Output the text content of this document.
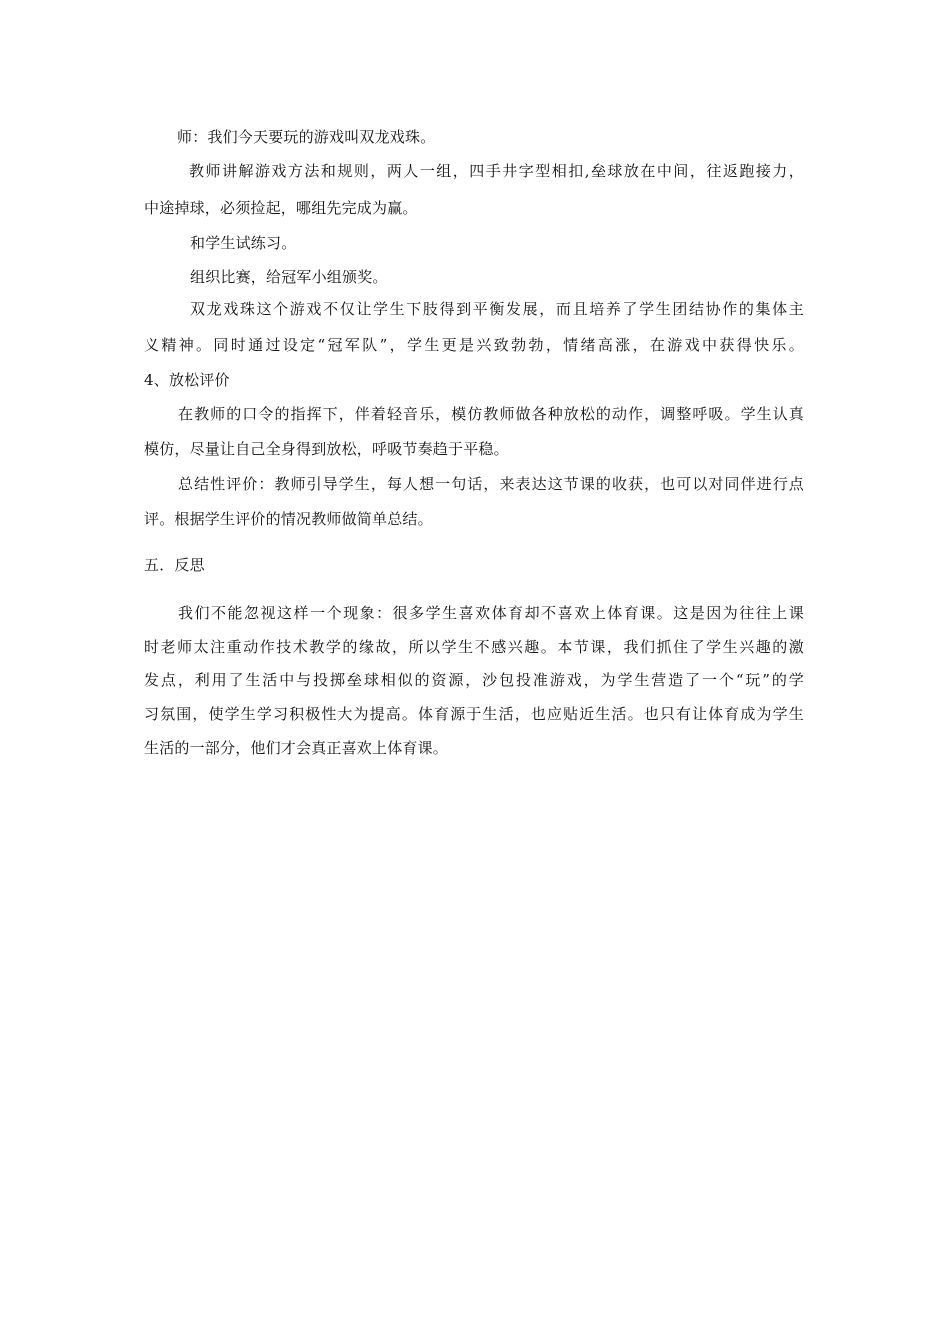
师：我们今天要玩的游戏叫双龙戏珠。
教师讲解游戏方法和规则，两人一组，四手井字型相扣,垒球放在中间，往返跑接力，
中途掉球，必须捡起，哪组先完成为赢。
和学生试练习。
组织比赛，给冠军小组颁奖。
双龙戏珠这个游戏不仅让学生下肢得到平衡发展，而且培养了学生团结协作的集体主
义精神。同时通过设定“冠军队”，学生更是兴致勃勃，情绪高涨，在游戏中获得快乐。
4、放松评价
在教师的口令的指挥下，伴着轻音乐，模仿教师做各种放松的动作，调整呼吸。学生认真
模仿，尽量让自己全身得到放松，呼吸节奏趋于平稳。
总结性评价：教师引导学生，每人想一句话，来表达这节课的收获，也可以对同伴进行点
评。根据学生评价的情况教师做简单总结。
五．反思
我们不能忽视这样一个现象：很多学生喜欢体育却不喜欢上体育课。这是因为往往上课
时老师太注重动作技术教学的缘故，所以学生不感兴趣。本节课，我们抓住了学生兴趣的激
发点，利用了生活中与投掷垒球相似的资源，沙包投准游戏，为学生营造了一个“玩”的学
习氛围，使学生学习积极性大为提高。体育源于生活，也应贴近生活。也只有让体育成为学生
生活的一部分，他们才会真正喜欢上体育课。
